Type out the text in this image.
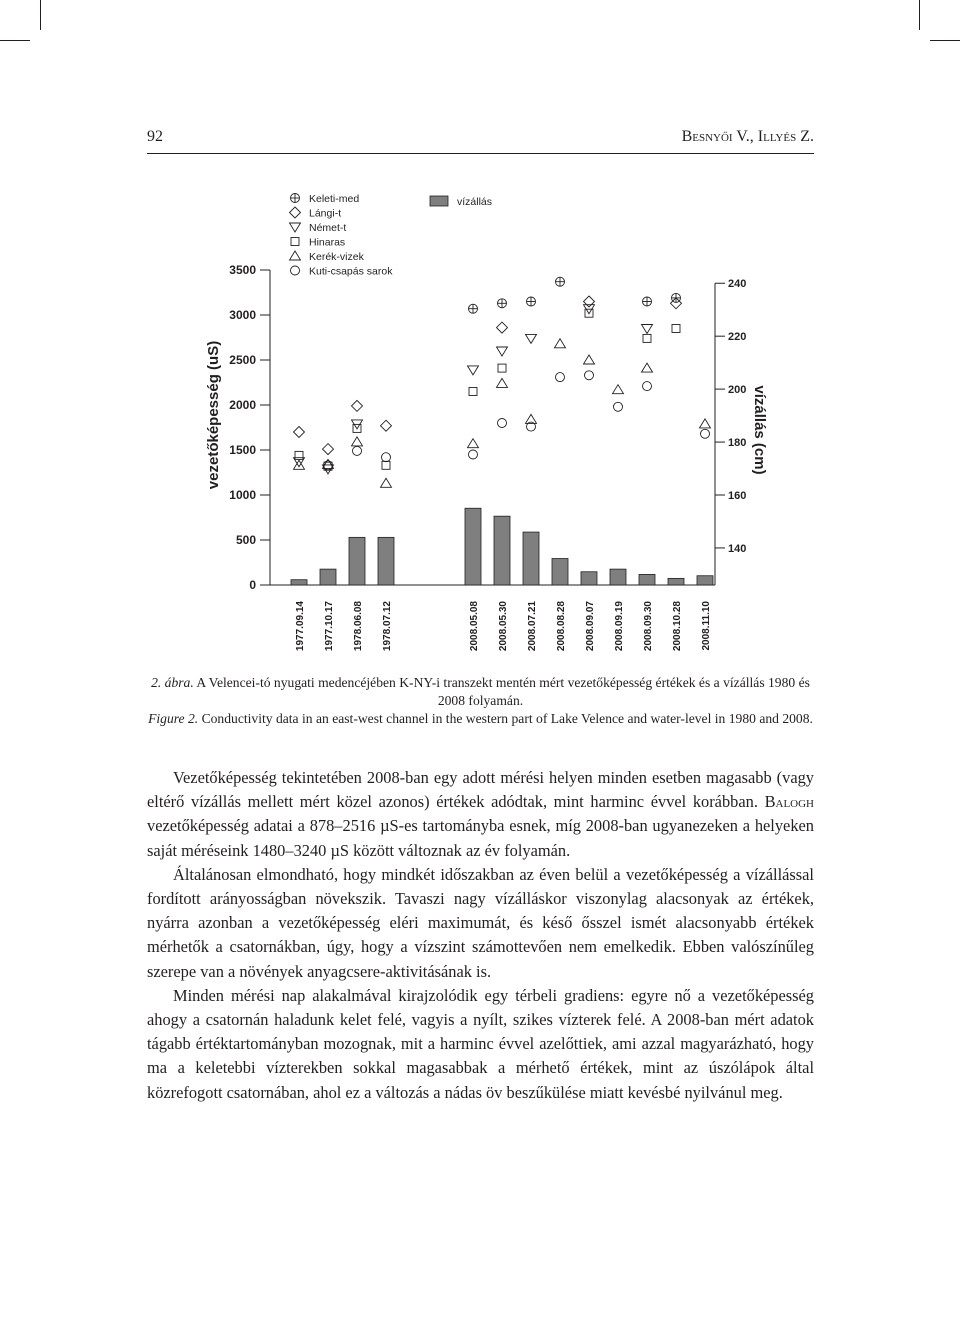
92	Besnyői V., Illyés Z.
0
500
1000
1500
2000
2500
3000
3500
140
160
180
200
220
240
vezetőképesség (uS)	vízállás (cm)
1977.09.14 1977.10.17 1978.06.08 1978.07.12	2008.05.08 2008.05.30 2008.07.21 2008.08.28 2008.09.07 2008.09.19 2008.09.30 2008.10.28 2008.11.10
Keleti-med
Lángi-t
Német-t
Hinaras
Kerék-vizek
Kuti-csapás sarok
vízállás
2. ábra. A Velencei-tó nyugati medencéjében K-NY-i transzekt mentén mért vezetőképesség értékek és a vízállás 1980 és 2008 folyamán.
Figure 2. Conductivity data in an east-west channel in the western part of Lake Velence and water-level in 1980 and 2008.

Vezetőképesség tekintetében 2008-ban egy adott mérési helyen minden esetben magasabb (vagy eltérő vízállás mellett mért közel azonos) értékek adódtak, mint harminc évvel korábban. Balogh vezetőképesség adatai a 878–2516 µS-es tartományba esnek, míg 2008-ban ugyanezeken a helyeken saját méréseink 1480–3240 µS között változnak az év folyamán.

Általánosan elmondható, hogy mindkét időszakban az éven belül a vezetőképesség a vízállással fordított arányosságban növekszik. Tavaszi nagy vízálláskor viszonylag alacsonyak az értékek, nyárra azonban a vezetőképesség eléri maximumát, és késő ősszel ismét alacsonyabb értékek mérhetők a csatornákban, úgy, hogy a vízszint számottevően nem emelkedik. Ebben valószínűleg szerepe van a növények anyagcsere-aktivitásának is.

Minden mérési nap alakalmával kirajzolódik egy térbeli gradiens: egyre nő a vezetőképesség ahogy a csatornán haladunk kelet felé, vagyis a nyílt, szikes vízterek felé. A 2008-ban mért adatok tágabb értéktartományban mozognak, mit a harminc évvel azelőttiek, ami azzal magyarázható, hogy ma a keletebbi vízterekben sokkal magasabbak a mérhető értékek, mint az úszólápok által közrefogott csatornában, ahol ez a változás a nádas öv beszűkülése miatt kevésbé nyilvánul meg.
